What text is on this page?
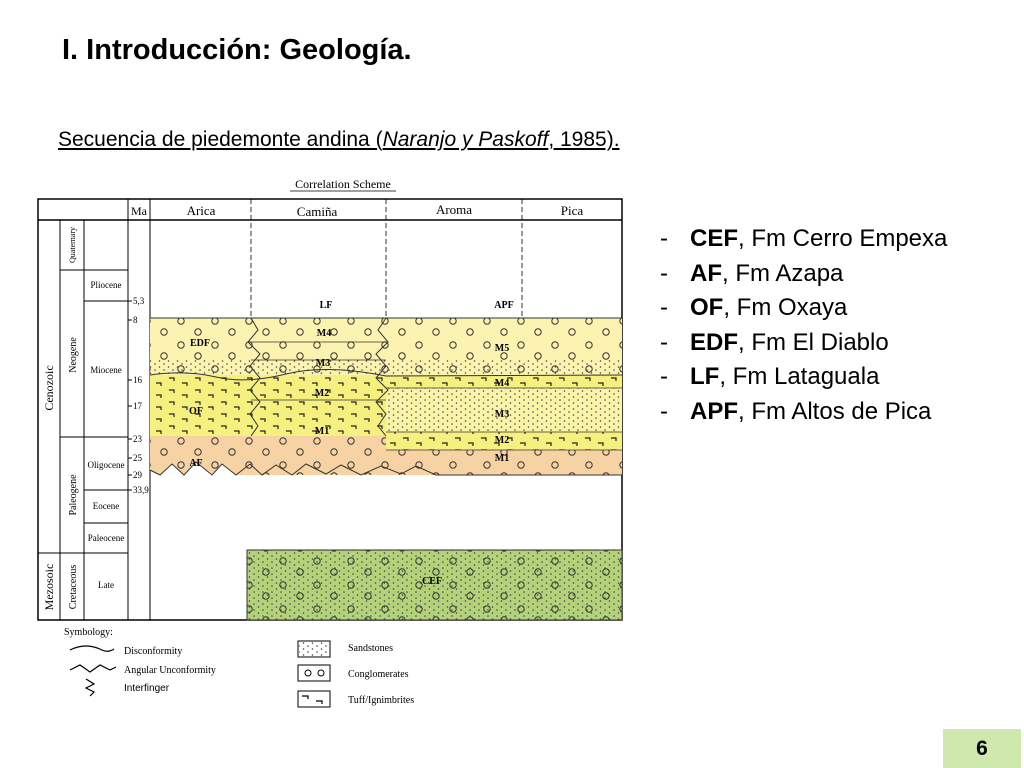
I. Introducción: Geología.
Secuencia de piedemonte andina (Naranjo y Paskoff, 1985).
Correlation Scheme
Ma	Arica	Camiña	Aroma	Pica
Cenozoic
Mezosoic
Quaternary
Neogene
Paleogene
Cretaceous
Pliocene
Miocene
Oligocene
Eocene
Paleocene
Late
5,3
8
16
17
23
25
29
33,9
LF	APF
EDF
OF
AF
CEF
M4
M3
M2
M1
M5
M4
M3
M2
M1
Symbology:
Disconformity
Angular Unconformity
Interfinger
Sandstones
Conglomerates
Tuff/Ignimbrites
- CEF, Fm Cerro Empexa
- AF, Fm Azapa
- OF, Fm Oxaya
- EDF, Fm El Diablo
- LF, Fm Lataguala
- APF, Fm Altos de Pica
6
